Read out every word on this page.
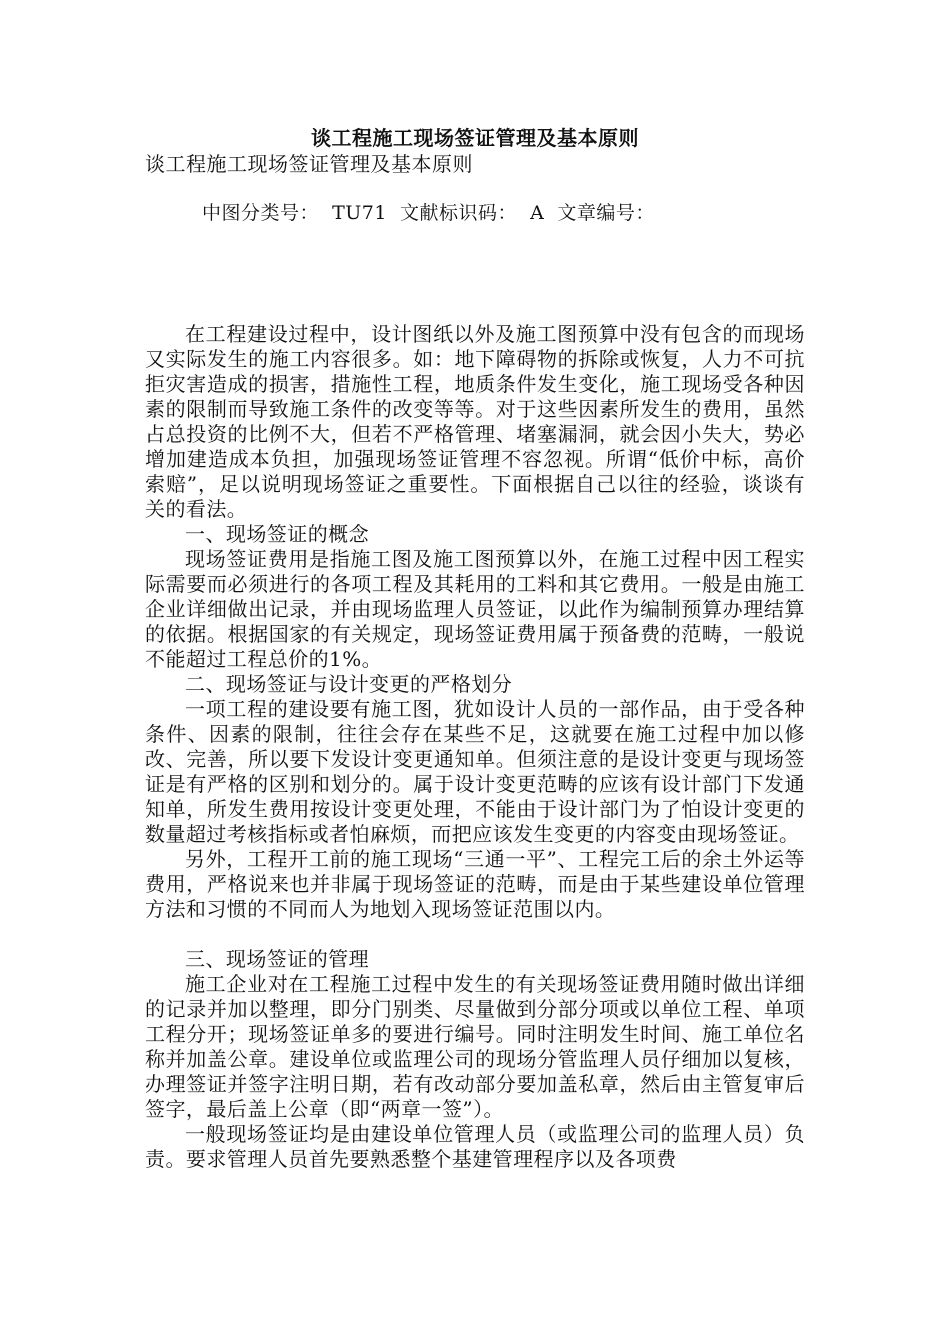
谈工程施工现场签证管理及基本原则
谈工程施工现场签证管理及基本原则
中图分类号：  TU71  文献标识码：  A  文章编号：

在工程建设过程中，设计图纸以外及施工图预算中没有包含的而现场又实际发生的施工内容很多。如：地下障碍物的拆除或恢复，人力不可抗拒灾害造成的损害，措施性工程，地质条件发生变化，施工现场受各种因素的限制而导致施工条件的改变等等。对于这些因素所发生的费用，虽然占总投资的比例不大，但若不严格管理、堵塞漏洞，就会因小失大，势必增加建造成本负担，加强现场签证管理不容忽视。所谓“低价中标，高价索赔”，足以说明现场签证之重要性。下面根据自己以往的经验，谈谈有关的看法。

一、现场签证的概念

现场签证费用是指施工图及施工图预算以外，在施工过程中因工程实际需要而必须进行的各项工程及其耗用的工料和其它费用。一般是由施工企业详细做出记录，并由现场监理人员签证，以此作为编制预算办理结算的依据。根据国家的有关规定，现场签证费用属于预备费的范畴，一般说不能超过工程总价的1%。

二、现场签证与设计变更的严格划分

一项工程的建设要有施工图，犹如设计人员的一部作品，由于受各种条件、因素的限制，往往会存在某些不足，这就要在施工过程中加以修改、完善，所以要下发设计变更通知单。但须注意的是设计变更与现场签证是有严格的区别和划分的。属于设计变更范畴的应该有设计部门下发通知单，所发生费用按设计变更处理，不能由于设计部门为了怕设计变更的数量超过考核指标或者怕麻烦，而把应该发生变更的内容变由现场签证。

另外，工程开工前的施工现场“三通一平”、工程完工后的余土外运等费用，严格说来也并非属于现场签证的范畴，而是由于某些建设单位管理方法和习惯的不同而人为地划入现场签证范围以内。

三、现场签证的管理

施工企业对在工程施工过程中发生的有关现场签证费用随时做出详细的记录并加以整理，即分门别类、尽量做到分部分项或以单位工程、单项工程分开；现场签证单多的要进行编号。同时注明发生时间、施工单位名称并加盖公章。建设单位或监理公司的现场分管监理人员仔细加以复核，办理签证并签字注明日期，若有改动部分要加盖私章，然后由主管复审后签字，最后盖上公章（即“两章一签”）。

一般现场签证均是由建设单位管理人员（或监理公司的监理人员）负责。要求管理人员首先要熟悉整个基建管理程序以及各项费
